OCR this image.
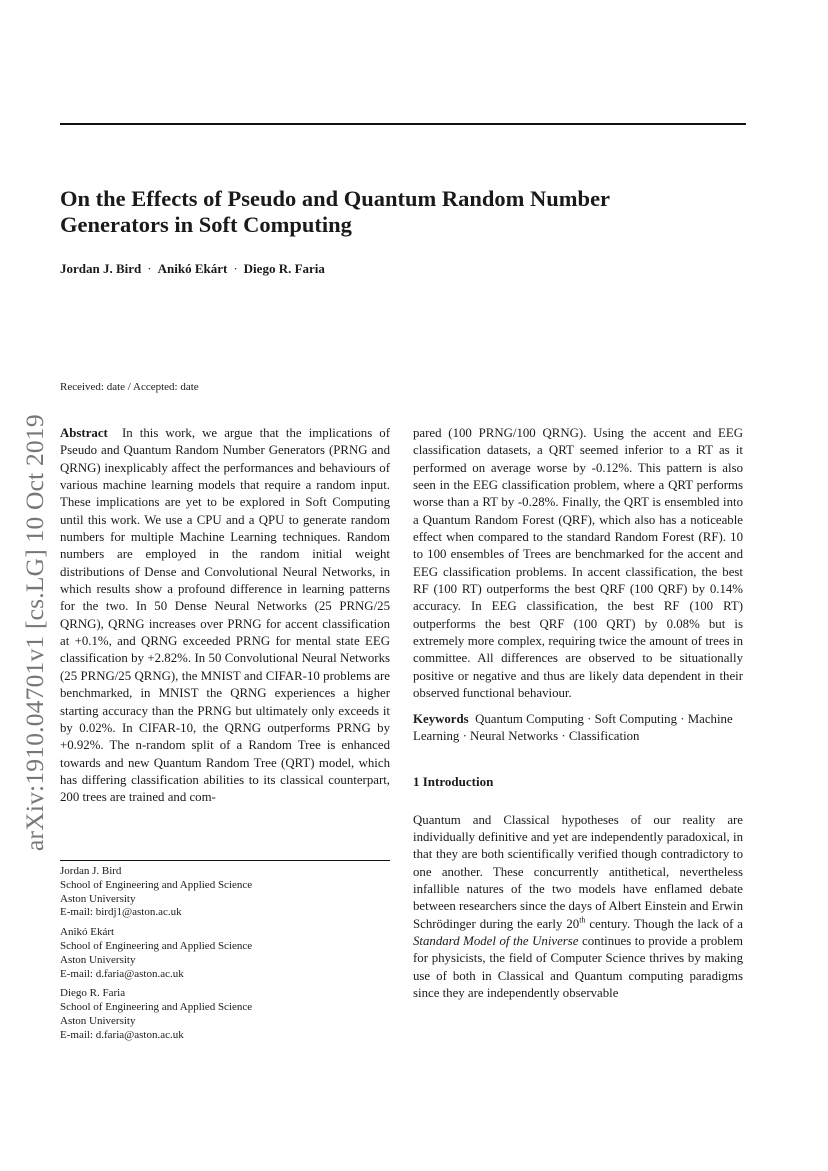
On the Effects of Pseudo and Quantum Random Number
Generators in Soft Computing
Jordan J. Bird · Anikó Ekárt · Diego R. Faria
arXiv:1910.04701v1 [cs.LG] 10 Oct 2019
Received: date / Accepted: date

Abstract In this work, we argue that the implications of Pseudo and Quantum Random Number Generators (PRNG and QRNG) inexplicably affect the performances and behaviours of various machine learning models that require a random input. These implications are yet to be explored in Soft Computing until this work. We use a CPU and a QPU to generate random numbers for multiple Machine Learning techniques. Random numbers are employed in the random initial weight distributions of Dense and Convolutional Neural Networks, in which results show a profound difference in learning patterns for the two. In 50 Dense Neural Networks (25 PRNG/25 QRNG), QRNG increases over PRNG for accent classification at +0.1%, and QRNG exceeded PRNG for mental state EEG classification by +2.82%. In 50 Convolutional Neural Networks (25 PRNG/25 QRNG), the MNIST and CIFAR-10 problems are benchmarked, in MNIST the QRNG experiences a higher starting accuracy than the PRNG but ultimately only exceeds it by 0.02%. In CIFAR-10, the QRNG outperforms PRNG by +0.92%. The n-random split of a Random Tree is enhanced towards and new Quantum Random Tree (QRT) model, which has differing classification abilities to its classical counterpart, 200 trees are trained and com-

pared (100 PRNG/100 QRNG). Using the accent and EEG classification datasets, a QRT seemed inferior to a RT as it performed on average worse by -0.12%. This pattern is also seen in the EEG classification problem, where a QRT performs worse than a RT by -0.28%. Finally, the QRT is ensembled into a Quantum Random Forest (QRF), which also has a noticeable effect when compared to the standard Random Forest (RF). 10 to 100 ensembles of Trees are benchmarked for the accent and EEG classification problems. In accent classification, the best RF (100 RT) outperforms the best QRF (100 QRF) by 0.14% accuracy. In EEG classification, the best RF (100 RT) outperforms the best QRF (100 QRT) by 0.08% but is extremely more complex, requiring twice the amount of trees in committee. All differences are observed to be situationally positive or negative and thus are likely data dependent in their observed functional behaviour.

Keywords Quantum Computing · Soft Computing · Machine Learning · Neural Networks · Classification

1 Introduction

Quantum and Classical hypotheses of our reality are individually definitive and yet are independently paradoxical, in that they are both scientifically verified though contradictory to one another. These concurrently antithetical, nevertheless infallible natures of the two models have enflamed debate between researchers since the days of Albert Einstein and Erwin Schrödinger during the early 20th century. Though the lack of a Standard Model of the Universe continues to provide a problem for physicists, the field of Computer Science thrives by making use of both in Classical and Quantum computing paradigms since they are independently observable

Jordan J. Bird
School of Engineering and Applied Science
Aston University
E-mail: birdj1@aston.ac.uk
Anikó Ekárt
School of Engineering and Applied Science
Aston University
E-mail: d.faria@aston.ac.uk
Diego R. Faria
School of Engineering and Applied Science
Aston University
E-mail: d.faria@aston.ac.uk
